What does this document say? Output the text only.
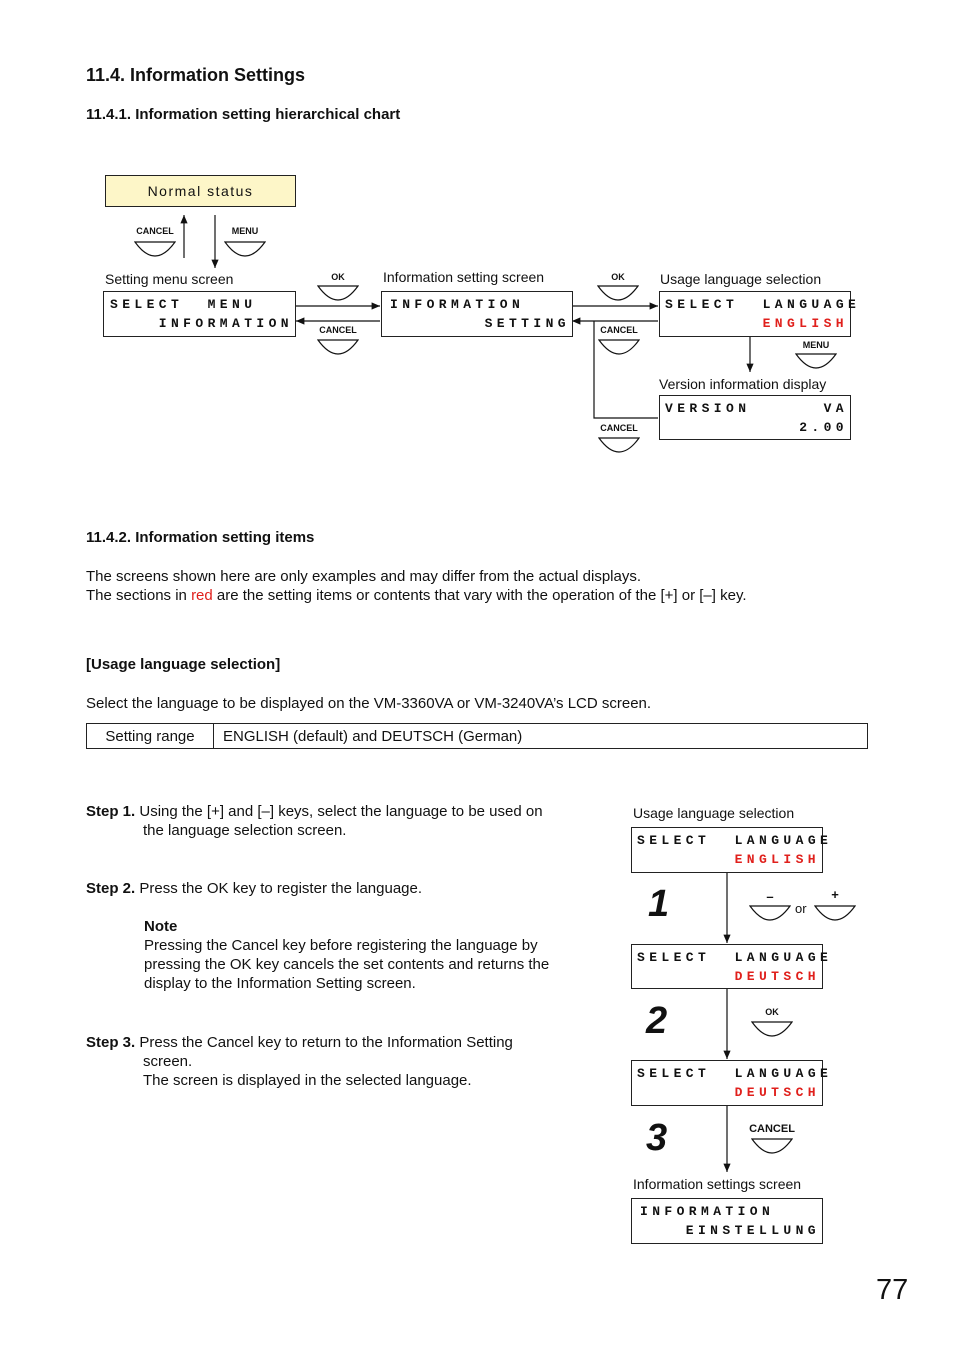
11.4. Information Settings
11.4.1. Information setting hierarchical chart
Normal status
CANCEL	MENU
Setting menu screen
SELECT  MENU
INFORMATION
OK
CANCEL
Information setting screen
INFORMATION
SETTING
OK
CANCEL
Usage language selection
SELECT  LANGUAGE
ENGLISH
MENU
Version information display
VERSION	VA
2.00
CANCEL
11.4.2. Information setting items
The screens shown here are only examples and may differ from the actual displays.
The sections in red are the setting items or contents that vary with the operation of the [+] or [–] key.
[Usage language selection]
Select the language to be displayed on the VM-3360VA or VM-3240VA’s LCD screen.
Setting range	ENGLISH (default) and DEUTSCH (German)
Step 1. Using the [+] and [–] keys, select the language to be used on
the language selection screen.
Step 2. Press the OK key to register the language.
Note
Pressing the Cancel key before registering the language by
pressing the OK key cancels the set contents and returns the
display to the Information Setting screen.
Step 3. Press the Cancel key to return to the Information Setting
screen.
The screen is displayed in the selected language.
Usage language selection
SELECT  LANGUAGE
ENGLISH
1	–
or
+
SELECT  LANGUAGE
DEUTSCH
2	OK
SELECT  LANGUAGE
DEUTSCH
3	CANCEL
Information settings screen
INFORMATION
EINSTELLUNG
77
